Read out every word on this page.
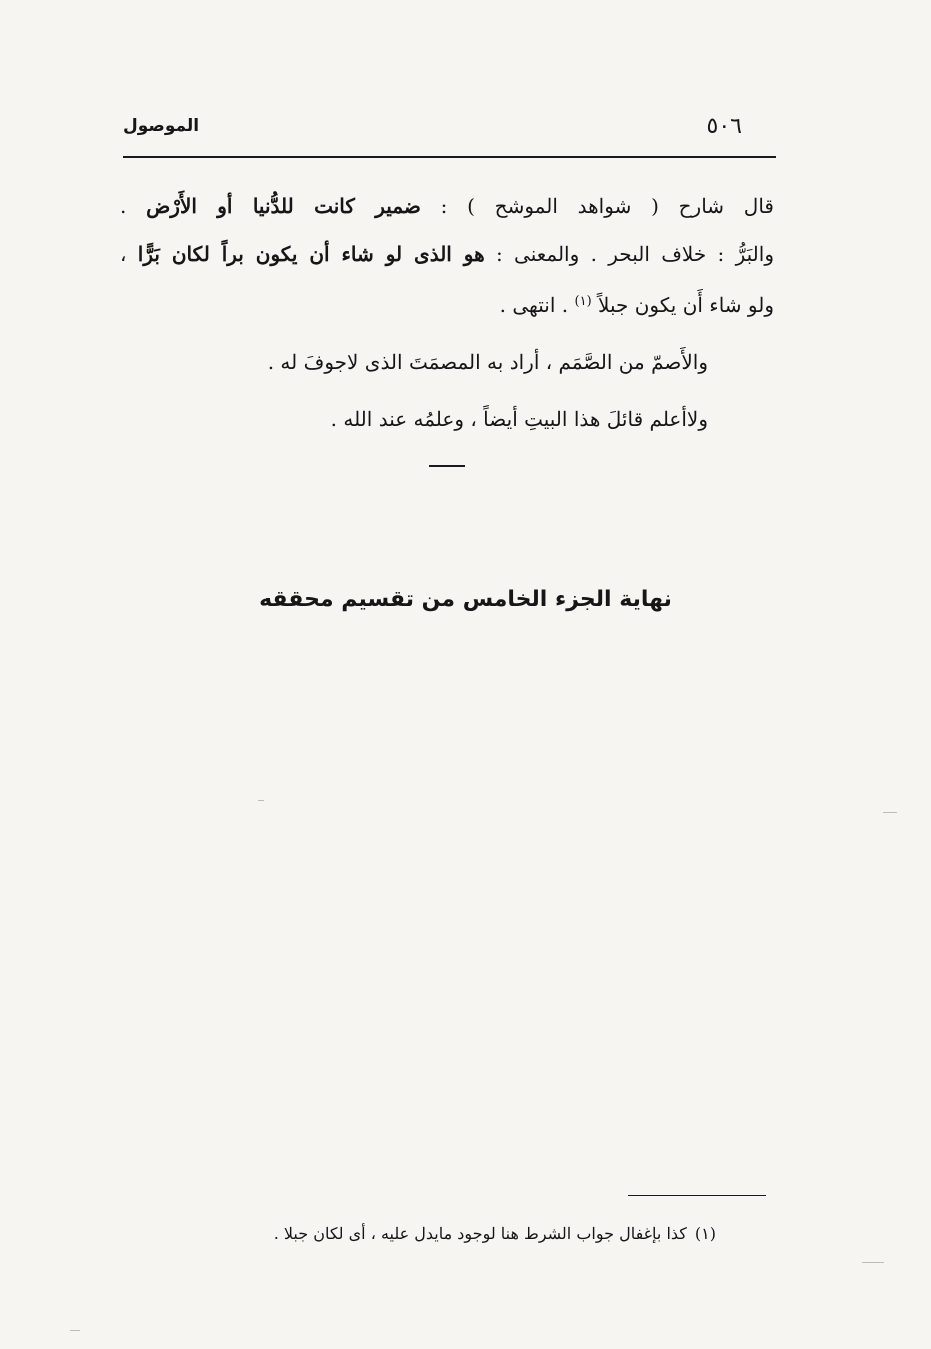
٥٠٦
الموصول
قال شارح ( شواهد الموشح ) : ضمير كانت للدُّنيا أو الأَرْض .
والبَرُّ : خلاف البحر . والمعنى : هو الذى لو شاء أن يكون براً لكان بَرًّا ،
ولو شاء أَن يكون جبلاً $^{(١)}$ . انتهى .
والأَصمّ من الصَّمَم ، أراد به المصمَتَ الذى لاجوفَ له .
ولاأعلم قائلَ هذا البيتِ أيضاً ، وعلمُه عند الله .
نهاية الجزء الخامس من تقسيم محققه
(١)كذا بإغفال جواب الشرط هنا لوجود مايدل عليه ، أى لكان جبلا .
